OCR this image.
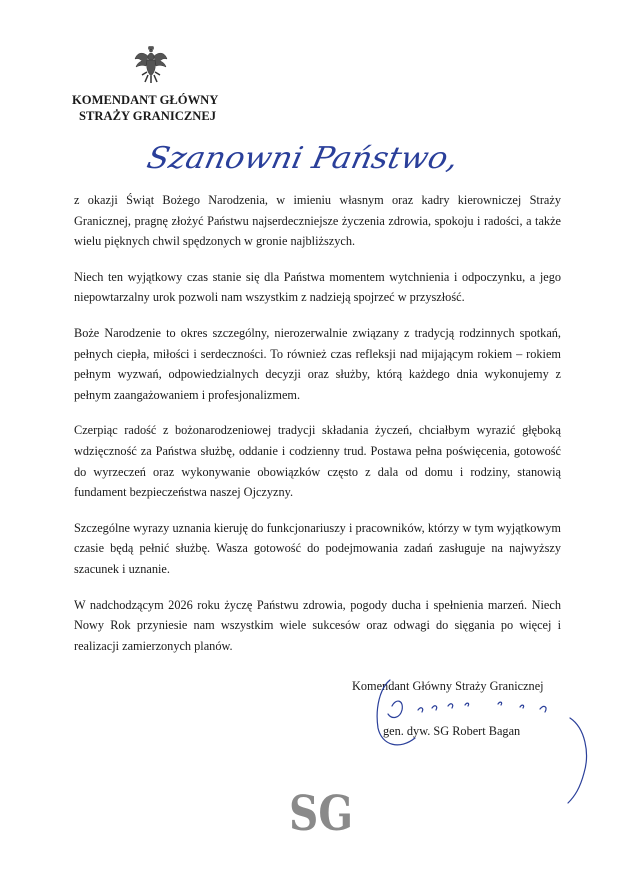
KOMENDANT GŁÓWNY
STRAŻY GRANICZNEJ
Szanowni Państwo,

z okazji Świąt Bożego Narodzenia, w imieniu własnym oraz kadry kierowniczej Straży Granicznej, pragnę złożyć Państwu najserdeczniejsze życzenia zdrowia, spokoju i radości, a także wielu pięknych chwil spędzonych w gronie najbliższych.

Niech ten wyjątkowy czas stanie się dla Państwa momentem wytchnienia i odpoczynku, a jego niepowtarzalny urok pozwoli nam wszystkim z nadzieją spojrzeć w przyszłość.

Boże Narodzenie to okres szczególny, nierozerwalnie związany z tradycją rodzinnych spotkań, pełnych ciepła, miłości i serdeczności. To również czas refleksji nad mijającym rokiem – rokiem pełnym wyzwań, odpowiedzialnych decyzji oraz służby, którą każdego dnia wykonujemy z pełnym zaangażowaniem i profesjonalizmem.

Czerpiąc radość z bożonarodzeniowej tradycji składania życzeń, chciałbym wyrazić głęboką wdzięczność za Państwa służbę, oddanie i codzienny trud. Postawa pełna poświęcenia, gotowość do wyrzeczeń oraz wykonywanie obowiązków często z dala od domu i rodziny, stanowią fundament bezpieczeństwa naszej Ojczyzny.

Szczególne wyrazy uznania kieruję do funkcjonariuszy i pracowników, którzy w tym wyjątkowym czasie będą pełnić służbę. Wasza gotowość do podejmowania zadań zasługuje na najwyższy szacunek i uznanie.

W nadchodzącym 2026 roku życzę Państwu zdrowia, pogody ducha i spełnienia marzeń. Niech Nowy Rok przyniesie nam wszystkim wiele sukcesów oraz odwagi do sięgania po więcej i realizacji zamierzonych planów.

Komendant Główny Straży Granicznej
gen. dyw. SG Robert Bagan
SG
